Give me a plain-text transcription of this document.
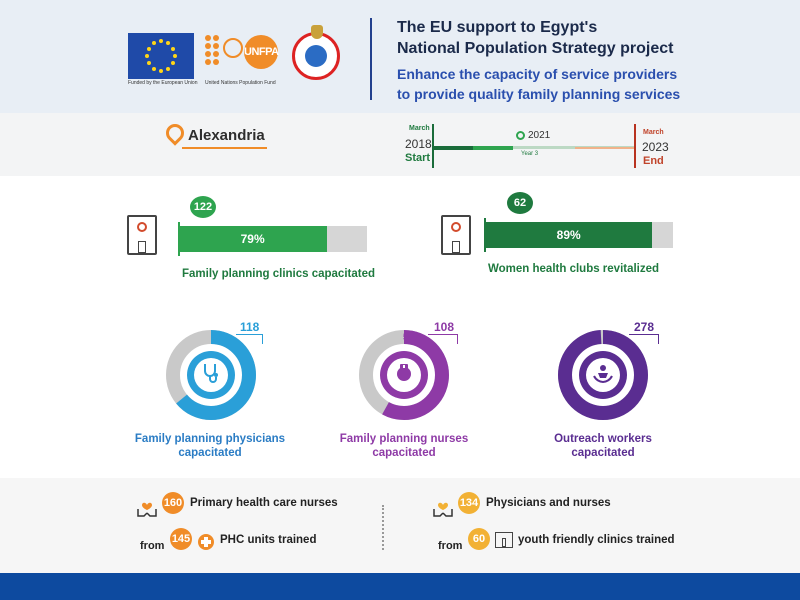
Funded by the European Union
UNFPA
United Nations Population Fund
The EU support to Egypt's
National Population Strategy project
Enhance the capacity of service providers
to provide quality family planning services
Alexandria	March
2018
Start
2021
Year 3
March
2023
End
122
79%
Family planning clinics capacitated
62
89%
Women health clubs revitalized
64%
118
Family planning physicians
capacitated
58%
108
Family planning nurses
capacitated
99%
278
Outreach workers
capacitated
160 Primary health care nurses
from
145	PHC units trained
134 Physicians and nurses
from
60	youth friendly clinics trained
